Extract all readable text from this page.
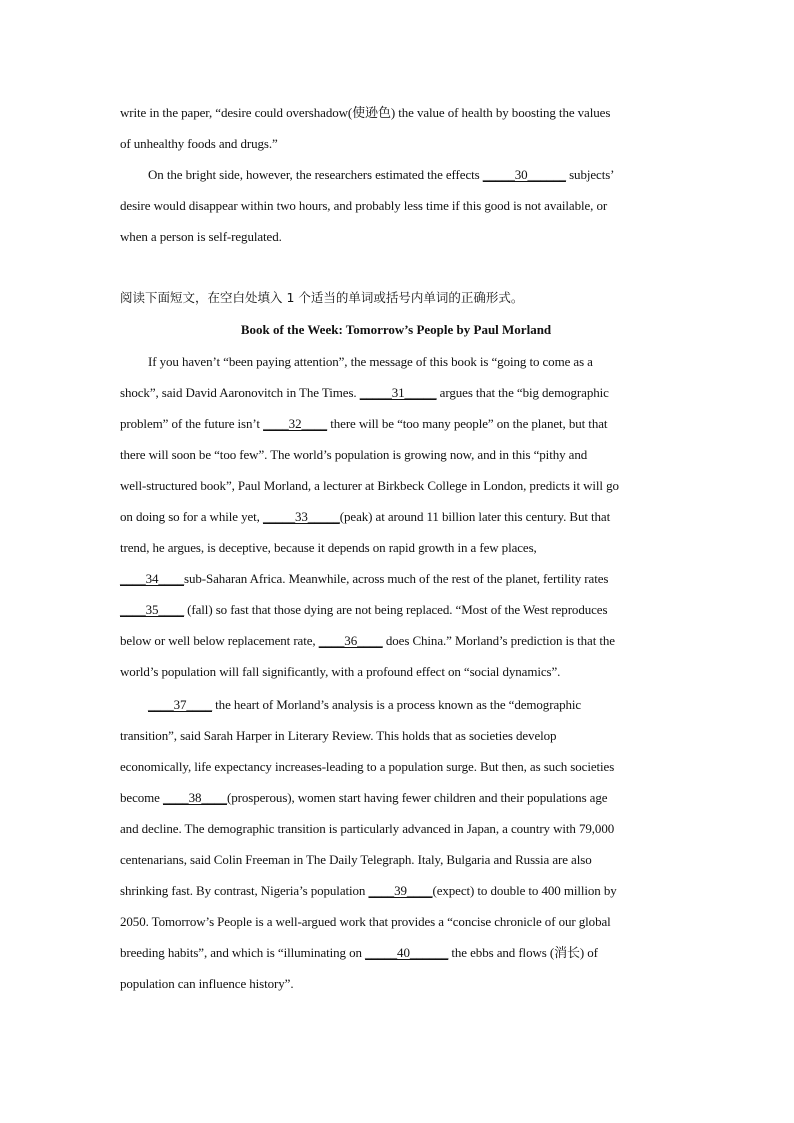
write in the paper, “desire could overshadow(使逊色) the value of health by boosting the values
of unhealthy foods and drugs.”
On the bright side, however, the researchers estimated the effects _____30______ subjects’
desire would disappear within two hours, and probably less time if this good is not available, or
when a person is self-regulated.

阅读下面短文，在空白处填入 1 个适当的单词或括号内单词的正确形式。

Book of the Week: Tomorrow’s People by Paul Morland

If you haven’t “been paying attention”, the message of this book is “going to come as a
shock”, said David Aaronovitch in The Times. _____31_____ argues that the “big demographic
problem” of the future isn’t ____32____ there will be “too many people” on the planet, but that
there will soon be “too few”. The world’s population is growing now, and in this “pithy and
well-structured book”, Paul Morland, a lecturer at Birkbeck College in London, predicts it will go
on doing so for a while yet, _____33_____(peak) at around 11 billion later this century. But that
trend, he argues, is deceptive, because it depends on rapid growth in a few places,
____34____sub-Saharan Africa. Meanwhile, across much of the rest of the planet, fertility rates
____35____ (fall) so fast that those dying are not being replaced. “Most of the West reproduces
below or well below replacement rate, ____36____ does China.” Morland’s prediction is that the
world’s population will fall significantly, with a profound effect on “social dynamics”.
____37____ the heart of Morland’s analysis is a process known as the “demographic
transition”, said Sarah Harper in Literary Review. This holds that as societies develop
economically, life expectancy increases-leading to a population surge. But then, as such societies
become ____38____(prosperous), women start having fewer children and their populations age
and decline. The demographic transition is particularly advanced in Japan, a country with 79,000
centenarians, said Colin Freeman in The Daily Telegraph. Italy, Bulgaria and Russia are also
shrinking fast. By contrast, Nigeria’s population ____39____(expect) to double to 400 million by
2050. Tomorrow’s People is a well-argued work that provides a “concise chronicle of our global
breeding habits”, and which is “illuminating on _____40______ the ebbs and flows (消长) of
population can influence history”.
